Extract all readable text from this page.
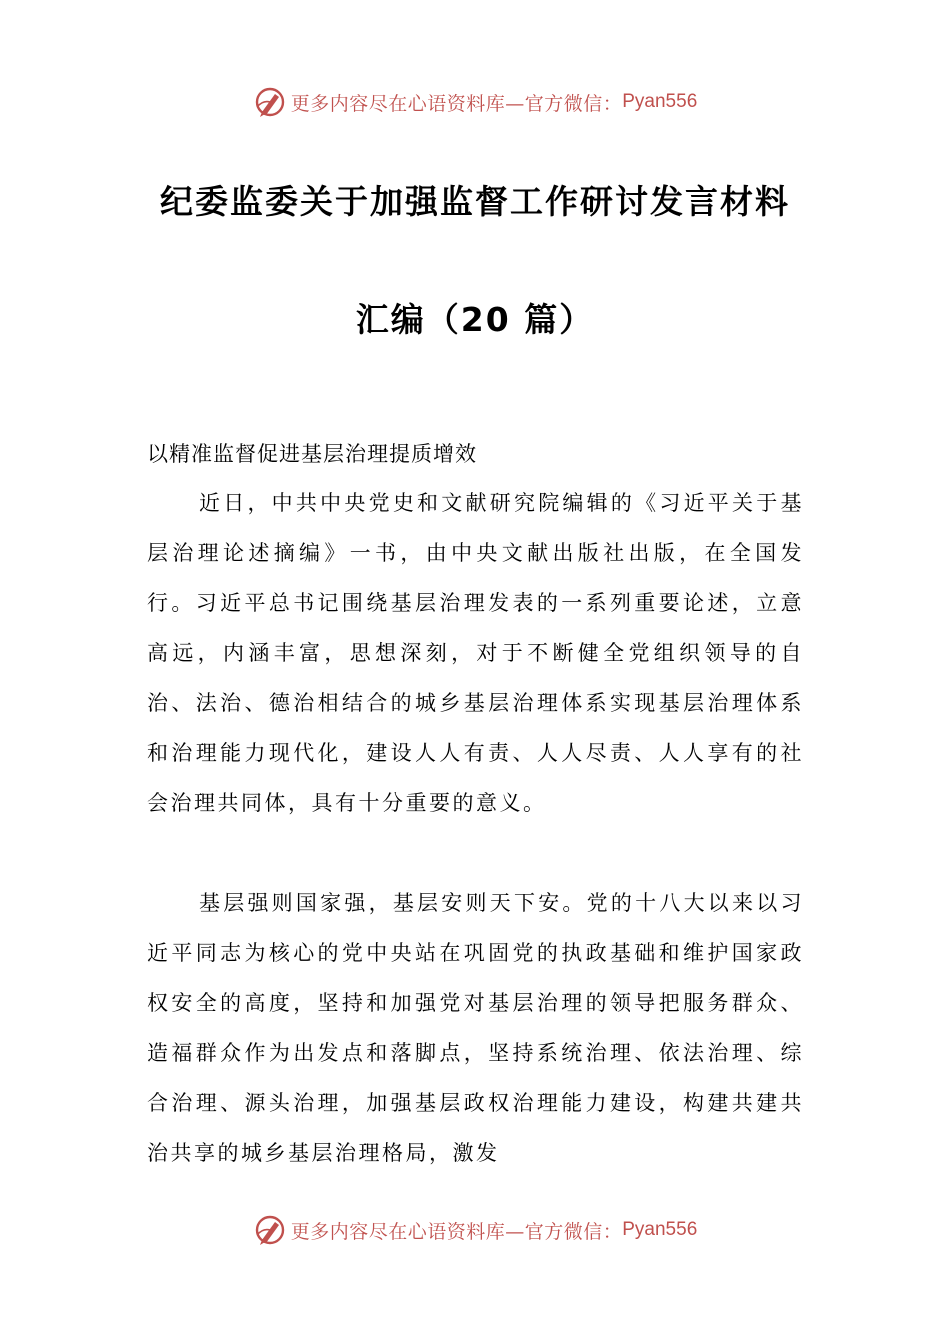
更多内容尽在心语资料库— 官方微信： Pyan556
纪委监委关于加强监督工作研讨发言材料
汇编（20 篇）
以精准监督促进基层治理提质增效

近日，中共中央党史和文献研究院编辑的《习近平关于基层治理论述摘编》一书，由中央文献出版社出版，在全国发行。习近平总书记围绕基层治理发表的一系列重要论述，立意高远，内涵丰富，思想深刻，对于不断健全党组织领导的自治、法治、德治相结合的城乡基层治理体系实现基层治理体系和治理能力现代化，建设人人有责、人人尽责、人人享有的社会治理共同体，具有十分重要的意义。

基层强则国家强，基层安则天下安。党的十八大以来以习近平同志为核心的党中央站在巩固党的执政基础和维护国家政权安全的高度，坚持和加强党对基层治理的领导把服务群众、造福群众作为出发点和落脚点，坚持系统治理、依法治理、综合治理、源头治理，加强基层政权治理能力建设，构建共建共治共享的城乡基层治理格局，激发

更多内容尽在心语资料库— 官方微信： Pyan556
